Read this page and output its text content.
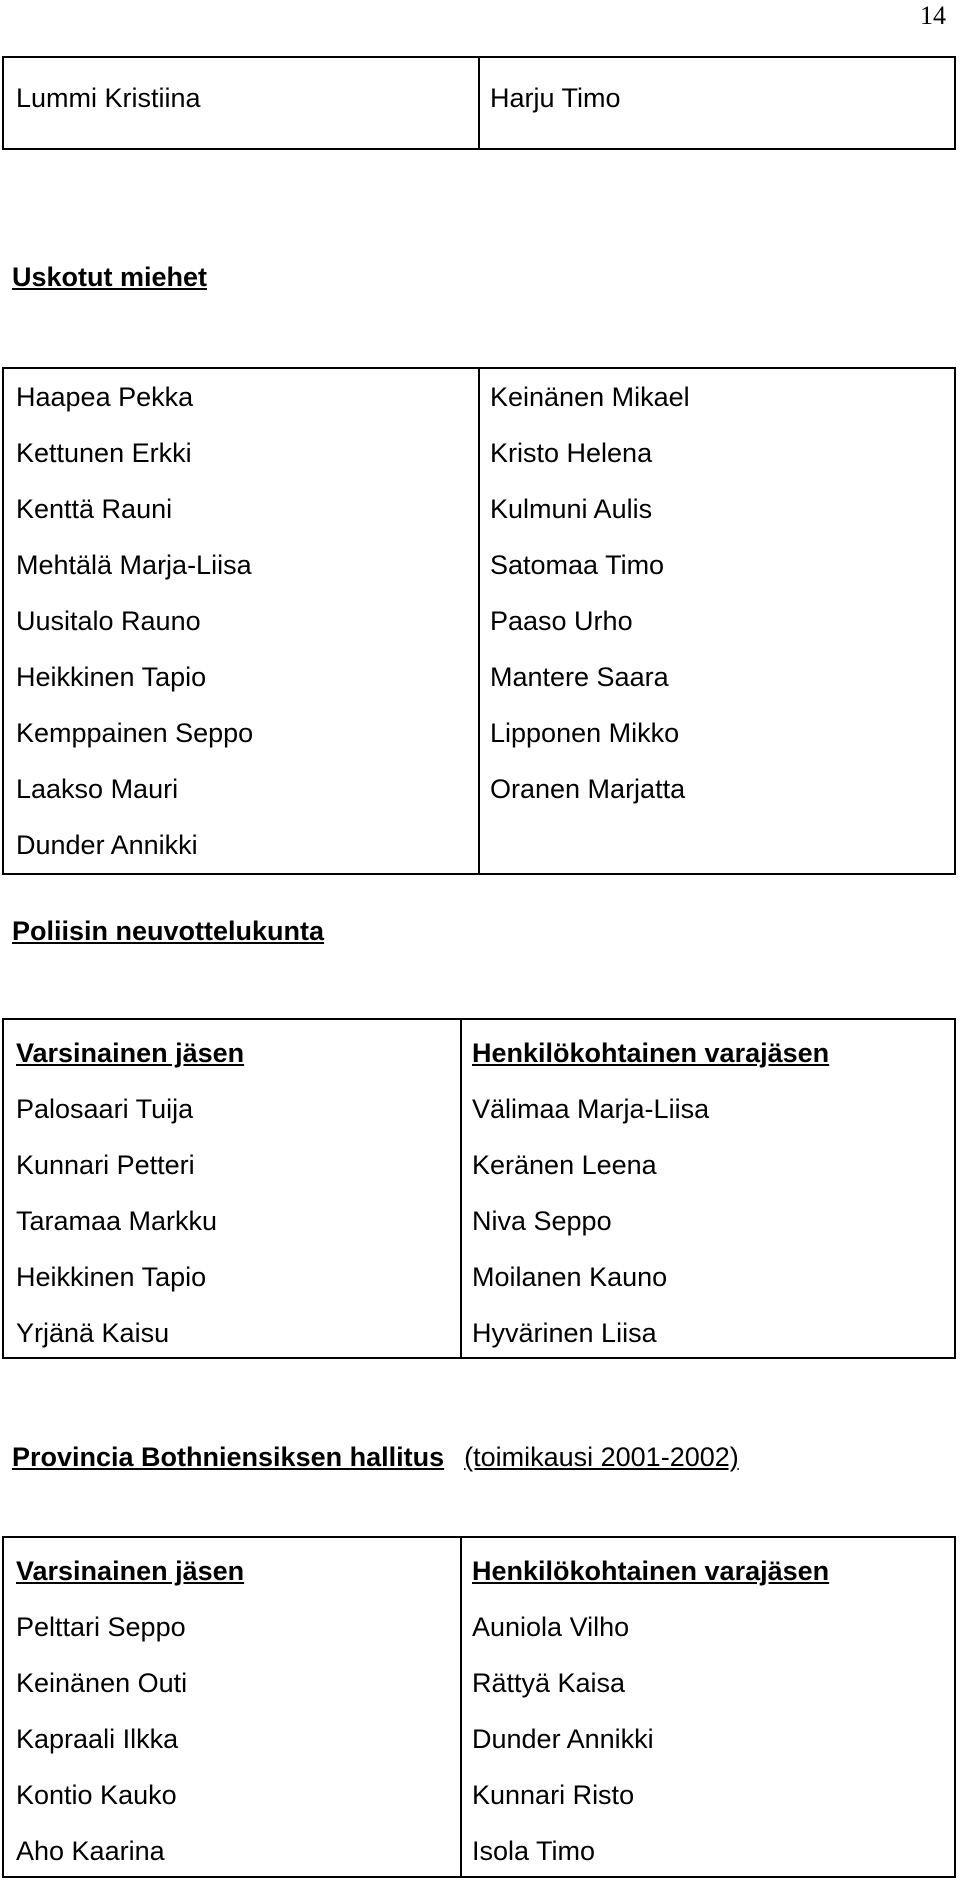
14
Lummi Kristiina	Harju Timo
Uskotut miehet
Haapea Pekka
Kettunen Erkki
Kenttä Rauni
Mehtälä Marja-Liisa
Uusitalo Rauno
Heikkinen Tapio
Kemppainen Seppo
Laakso Mauri
Dunder Annikki
Keinänen Mikael
Kristo Helena
Kulmuni Aulis
Satomaa Timo
Paaso Urho
Mantere Saara
Lipponen Mikko
Oranen Marjatta
Poliisin neuvottelukunta
Varsinainen jäsen
Palosaari Tuija
Kunnari Petteri
Taramaa Markku
Heikkinen Tapio
Yrjänä Kaisu
Henkilökohtainen varajäsen
Välimaa Marja-Liisa
Keränen Leena
Niva Seppo
Moilanen Kauno
Hyvärinen Liisa
Provincia Bothniensiksen hallitus (toimikausi 2001-2002)
Varsinainen jäsen
Pelttari Seppo
Keinänen Outi
Kapraali Ilkka
Kontio Kauko
Aho Kaarina
Henkilökohtainen varajäsen
Auniola Vilho
Rättyä Kaisa
Dunder Annikki
Kunnari Risto
Isola Timo
